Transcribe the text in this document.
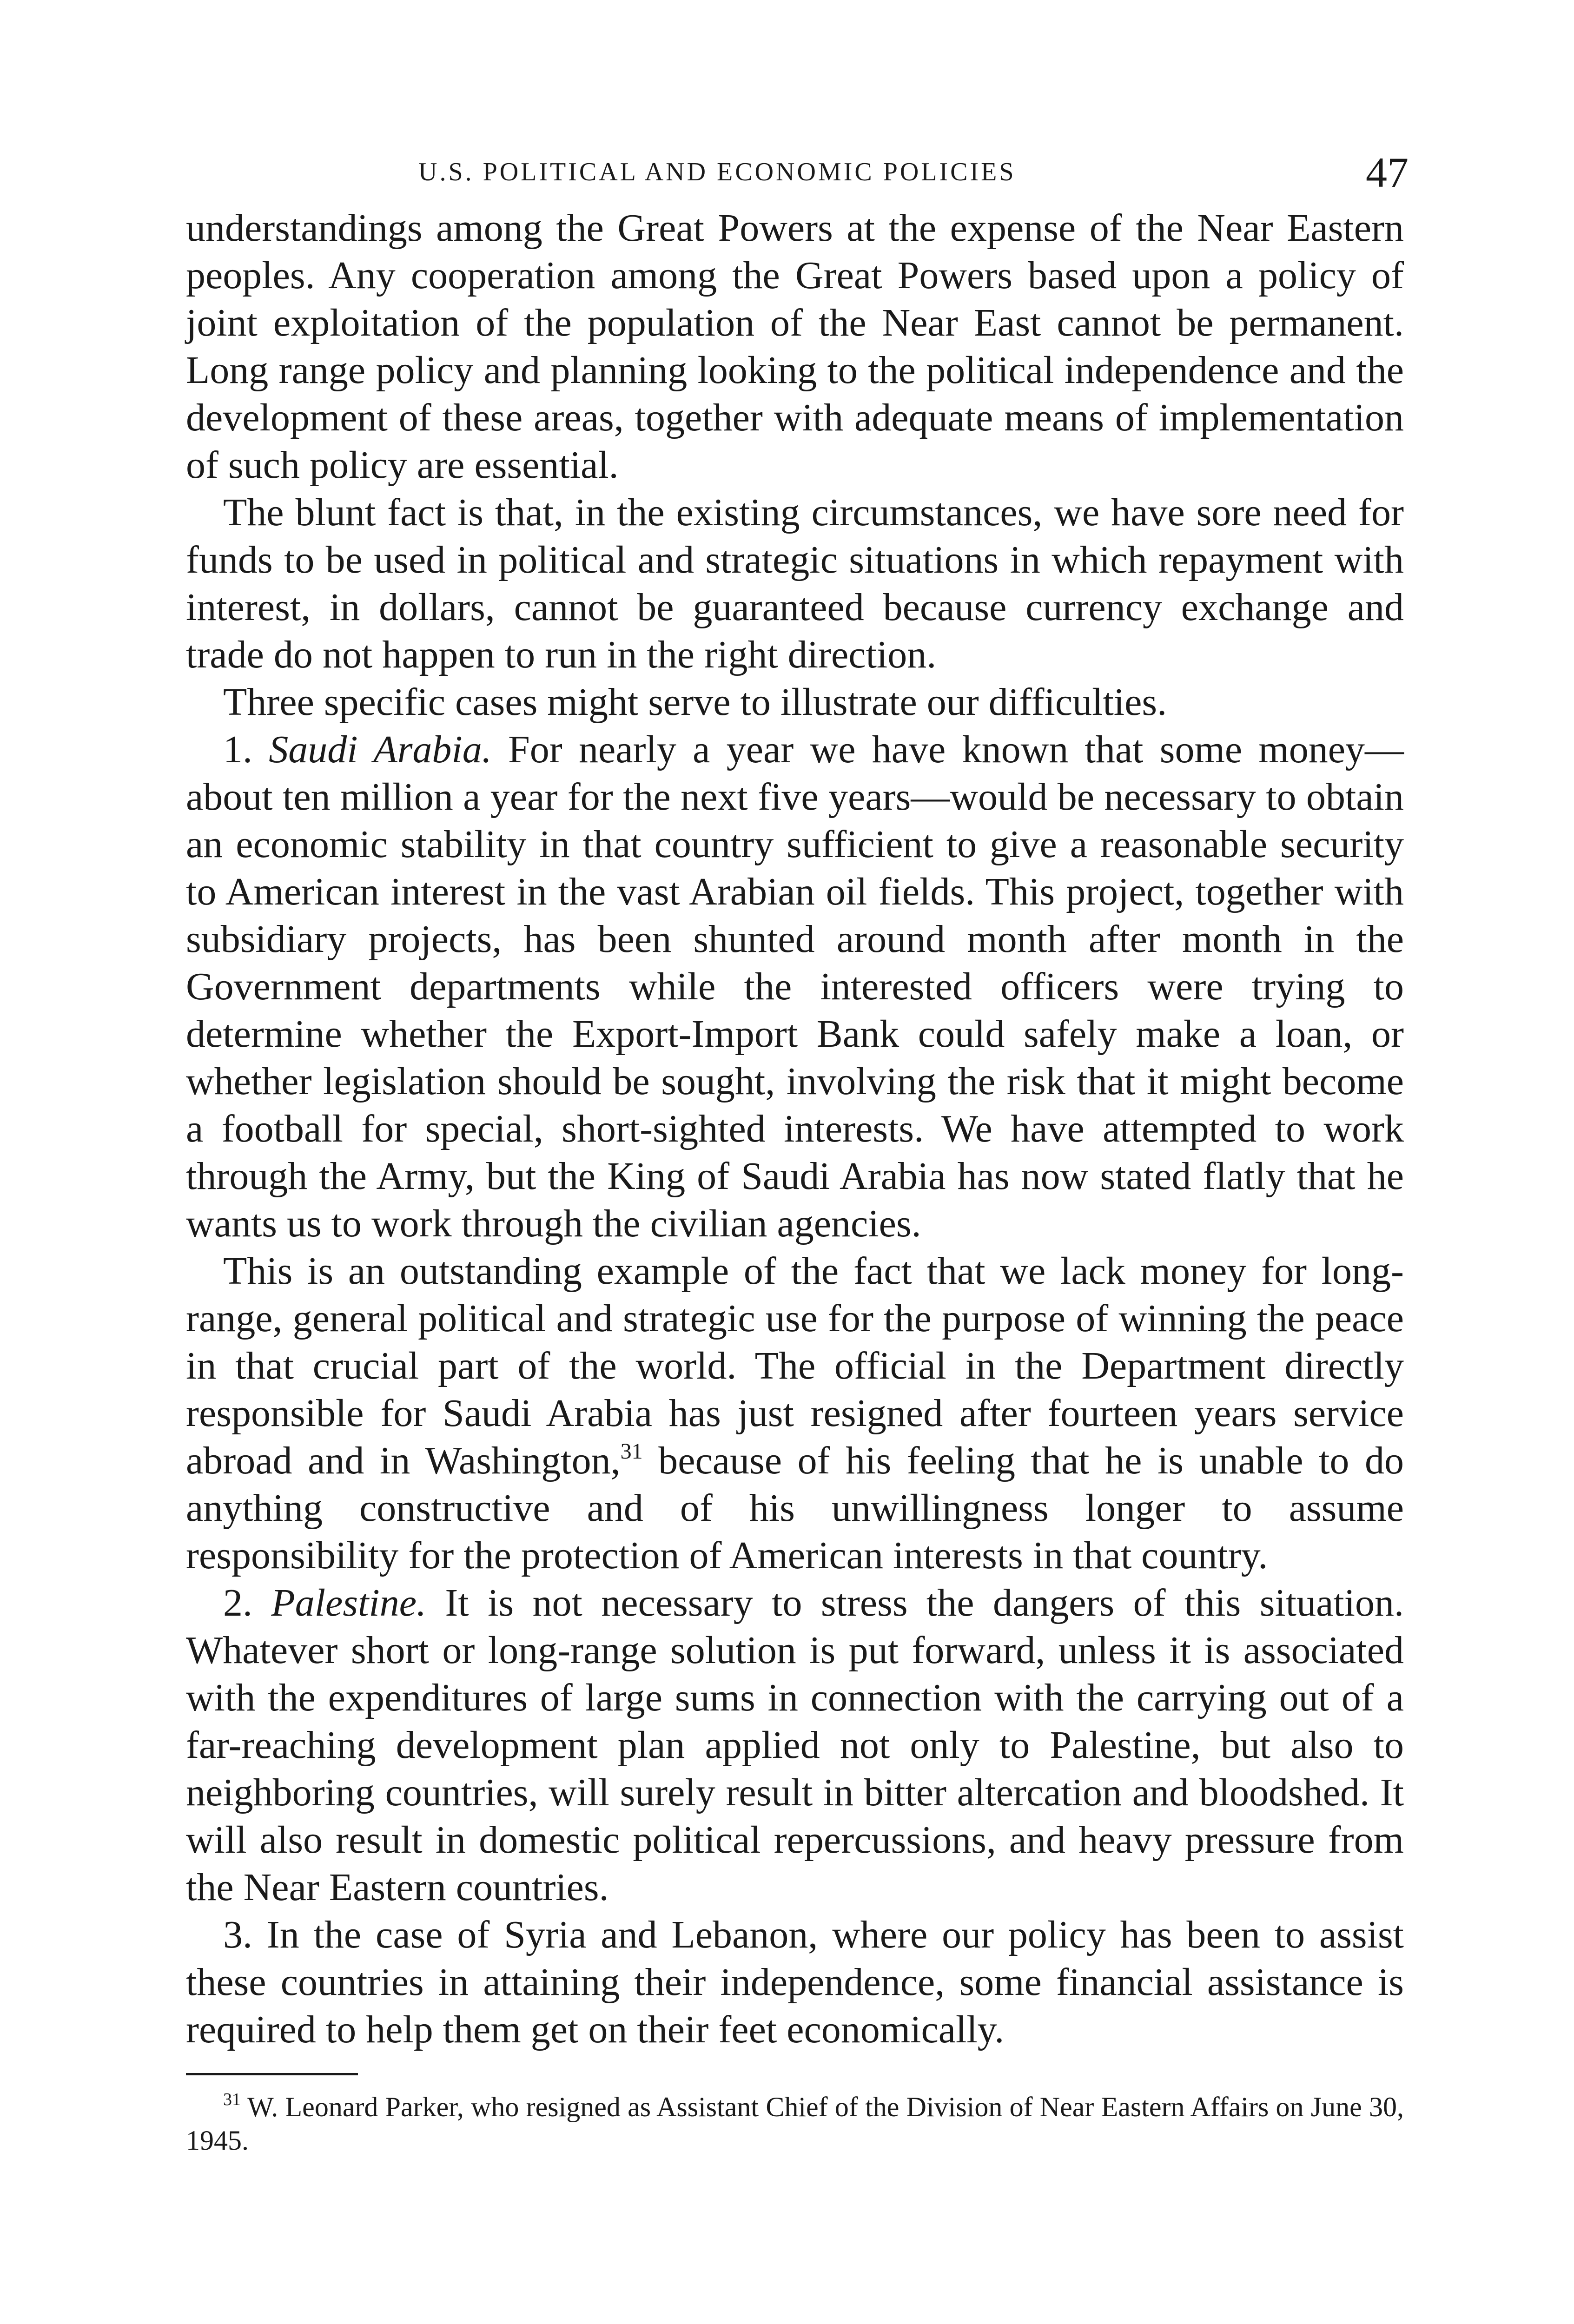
U.S. POLITICAL AND ECONOMIC POLICIES	47

understandings among the Great Powers at the expense of the Near Eastern peoples. Any cooperation among the Great Powers based upon a policy of joint exploitation of the population of the Near East cannot be permanent. Long range policy and planning looking to the political independence and the development of these areas, together with adequate means of implementation of such policy are essential.

The blunt fact is that, in the existing circumstances, we have sore need for funds to be used in political and strategic situations in which repayment with interest, in dollars, cannot be guaranteed because currency exchange and trade do not happen to run in the right direction.

Three specific cases might serve to illustrate our difficulties.

1. Saudi Arabia. For nearly a year we have known that some money—about ten million a year for the next five years—would be necessary to obtain an economic stability in that country sufficient to give a reasonable security to American interest in the vast Arabian oil fields. This project, together with subsidiary projects, has been shunted around month after month in the Government departments while the interested officers were trying to determine whether the Export-Import Bank could safely make a loan, or whether legislation should be sought, involving the risk that it might become a football for special, short-sighted interests. We have attempted to work through the Army, but the King of Saudi Arabia has now stated flatly that he wants us to work through the civilian agencies.

This is an outstanding example of the fact that we lack money for long-range, general political and strategic use for the purpose of winning the peace in that crucial part of the world. The official in the Department directly responsible for Saudi Arabia has just resigned after fourteen years service abroad and in Washington,$^{31}$ because of his feeling that he is unable to do anything constructive and of his unwillingness longer to assume responsibility for the protection of American interests in that country.

2. Palestine. It is not necessary to stress the dangers of this situation. Whatever short or long-range solution is put forward, unless it is associated with the expenditures of large sums in connection with the carrying out of a far-reaching development plan applied not only to Palestine, but also to neighboring countries, will surely result in bitter altercation and bloodshed. It will also result in domestic political repercussions, and heavy pressure from the Near Eastern countries.

3. In the case of Syria and Lebanon, where our policy has been to assist these countries in attaining their independence, some financial assistance is required to help them get on their feet economically.

$^{31}$ W. Leonard Parker, who resigned as Assistant Chief of the Division of Near Eastern Affairs on June 30, 1945.
